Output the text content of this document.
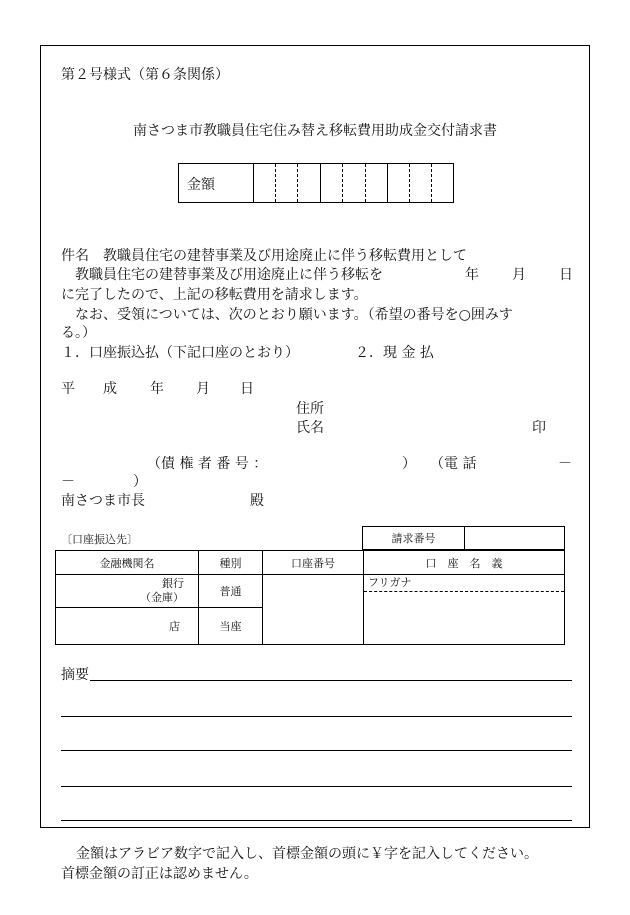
第２号様式（第６条関係）
南さつま市教職員住宅住み替え移転費用助成金交付請求書
金額
件名　教職員住宅の建替事業及び用途廃止に伴う移転費用として
教職員住宅の建替事業及び用途廃止に伴う移転を	年 月 日
に完了したので、上記の移転費用を請求します。
なお、受領については、次のとおり願います。（希望の番号を○囲みす
る。）
１．口座振込払（下記口座のとおり）	２．現 金 払
平　　成 年 月 日
住所
氏名	印
（債 権 者 番 号 ：	） （電 話	－
－	）
南さつま市長	殿
〔口座振込先〕	請求番号	
金融機関名	種別	口座番号	口　座　名　義

銀行
（金庫）	普通		フリガナ

店	当座		
摘要
金額はアラビア数字で記入し、首標金額の頭に￥字を記入してください。
首標金額の訂正は認めません。
